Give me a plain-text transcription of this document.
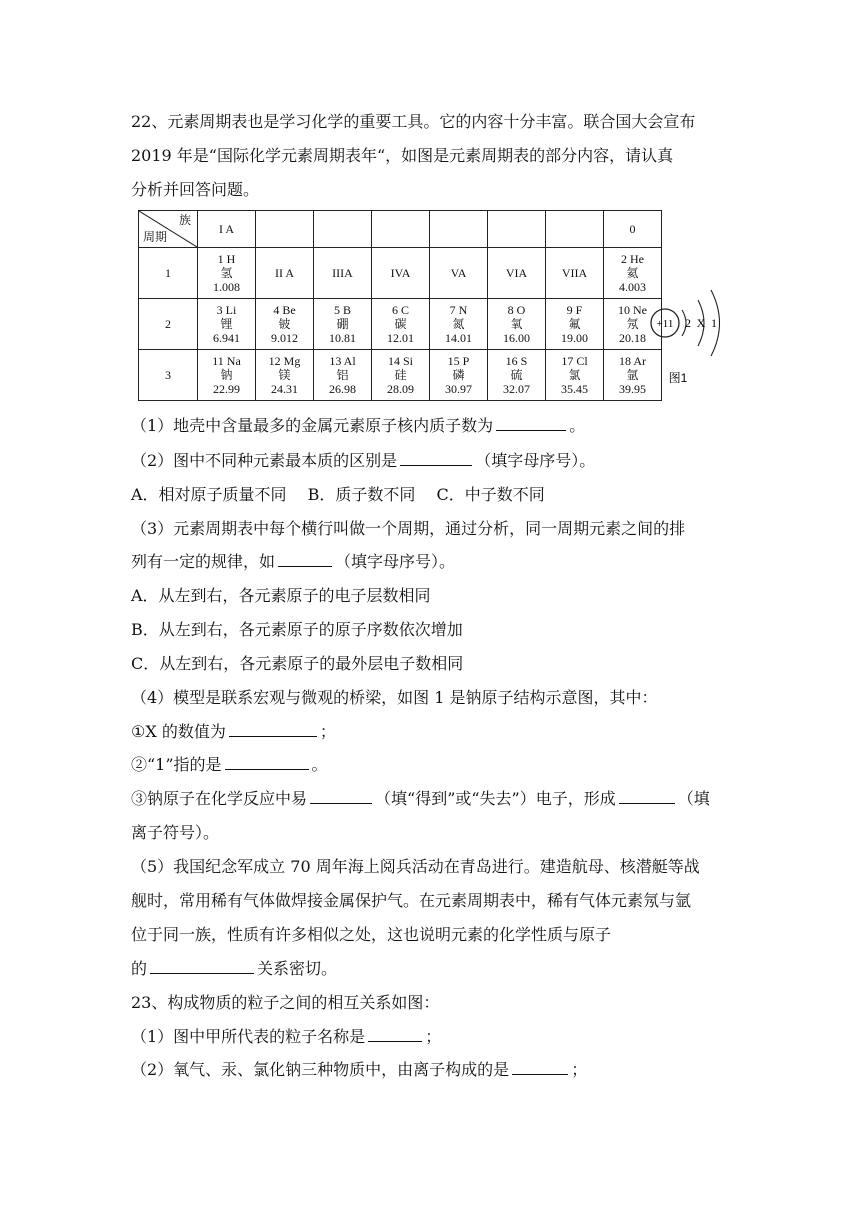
22、元素周期表也是学习化学的重要工具。它的内容十分丰富。联合国大会宣布
2019 年是“国际化学元素周期表年“，如图是元素周期表的部分内容，请认真
分析并回答问题。
族
周期	I A							0

1	1 H
氢
1.008	II A	IIIA	IVA	VA	VIA	VIIA	2 He
氦
4.003

2	3 Li
锂
6.941	4 Be
铍
9.012	5 B
硼
10.81	6 C
碳
12.01	7 N
氮
14.01	8 O
氧
16.00	9 F
氟
19.00	10 Ne
氖
20.18

3	11 Na
钠
22.99	12 Mg
镁
24.31	13 Al
铝
26.98	14 Si
硅
28.09	15 P
磷
30.97	16 S
硫
32.07	17 Cl
氯
35.45	18 Ar
氩
39.95
+11 2 X 1
图1
（1）地壳中含量最多的金属元素原子核内质子数为	。
（2）图中不同种元素最本质的区别是	（填字母序号）。
A．相对原子质量不同　 B．质子数不同　 C．中子数不同
（3）元素周期表中每个横行叫做一个周期，通过分析，同一周期元素之间的排
列有一定的规律，如	（填字母序号）。
A．从左到右，各元素原子的电子层数相同
B．从左到右，各元素原子的原子序数依次增加
C．从左到右，各元素原子的最外层电子数相同
（4）模型是联系宏观与微观的桥梁，如图 1 是钠原子结构示意图，其中：
①X 的数值为	；
②“1”指的是	。
③钠原子在化学反应中易	（填“得到”或“失去”）电子，形成	（填
离子符号）。
（5）我国纪念军成立 70 周年海上阅兵活动在青岛进行。建造航母、核潜艇等战
舰时，常用稀有气体做焊接金属保护气。在元素周期表中，稀有气体元素氖与氩
位于同一族，性质有许多相似之处，这也说明元素的化学性质与原子
的	关系密切。
23、构成物质的粒子之间的相互关系如图：
（1）图中甲所代表的粒子名称是	；
（2）氧气、汞、氯化钠三种物质中，由离子构成的是	；
